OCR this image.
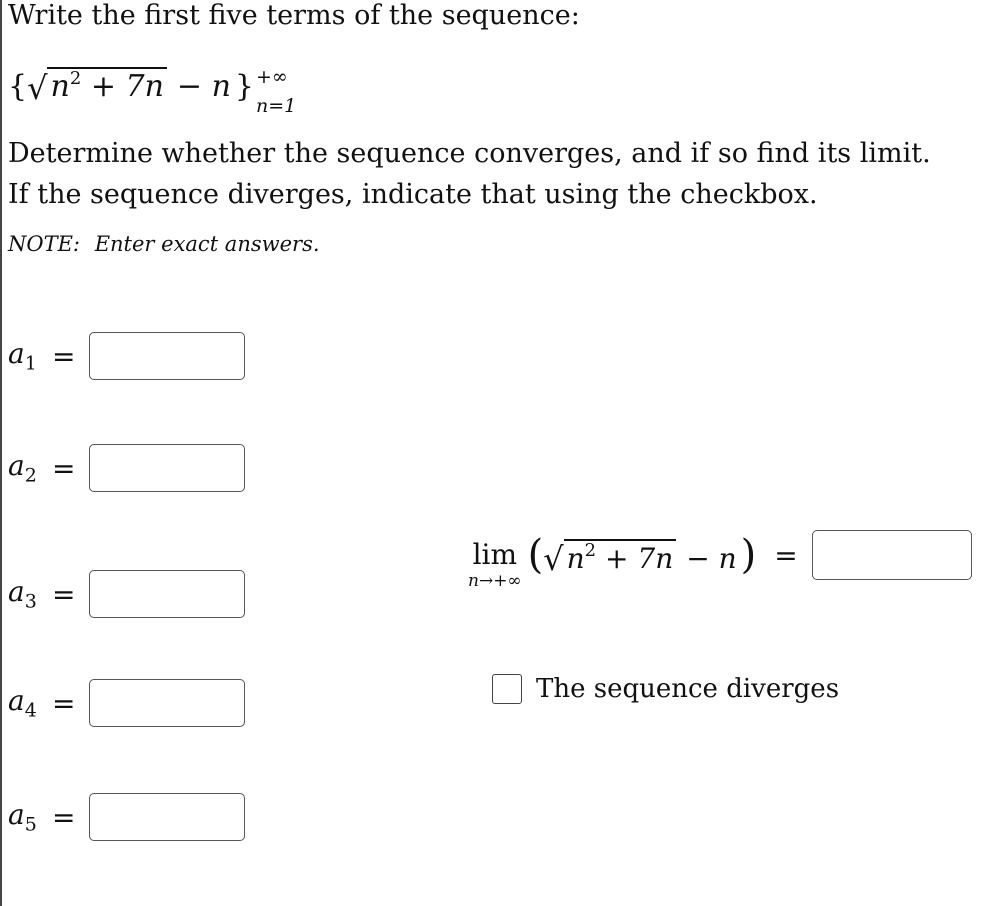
Write the first five terms of the sequence:
{ √ $n^2 + 7n - n$ } +∞
n=1
Determine whether the sequence converges, and if so find its limit.
If the sequence diverges, indicate that using the checkbox.
NOTE: Enter exact answers.
$a_1$ =
$a_2$ =
$a_3$ =
$a_4$ =
$a_5$ =
lim
n→+∞
( √ $n^2 + 7n - n$ ) =
The sequence diverges
